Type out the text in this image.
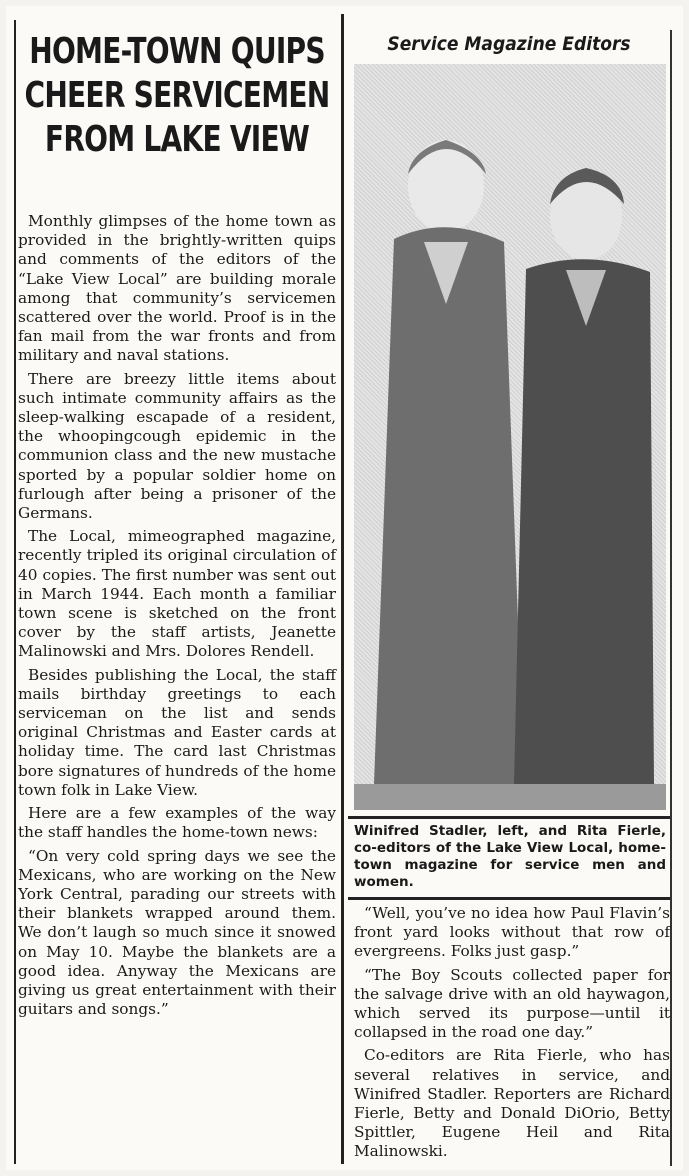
HOME-TOWN QUIPS
CHEER SERVICEMEN
FROM LAKE VIEW

Monthly glimpses of the home town as provided in the brightly-written quips and comments of the editors of the “Lake View Local” are building morale among that community’s servicemen scattered over the world. Proof is in the fan mail from the war fronts and from military and naval stations.

There are breezy little items about such intimate community affairs as the sleep-walking escapade of a resident, the whoopingcough epidemic in the communion class and the new mustache sported by a popular soldier home on furlough after being a prisoner of the Germans.

The Local, mimeographed magazine, recently tripled its original circulation of 40 copies. The first number was sent out in March 1944. Each month a familiar town scene is sketched on the front cover by the staff artists, Jeanette Malinowski and Mrs. Dolores Rendell.

Besides publishing the Local, the staff mails birthday greetings to each serviceman on the list and sends original Christmas and Easter cards at holiday time. The card last Christmas bore signatures of hundreds of the home town folk in Lake View.

Here are a few examples of the way the staff handles the home-town news:

“On very cold spring days we see the Mexicans, who are working on the New York Central, parading our streets with their blankets wrapped around them. We don’t laugh so much since it snowed on May 10. Maybe the blankets are a good idea. Anyway the Mexicans are giving us great entertainment with their guitars and songs.”

Service Magazine Editors
Winifred Stadler, left, and Rita Fierle, co-editors of the Lake View Local, home-town magazine for service men and women.

“Well, you’ve no idea how Paul Flavin’s front yard looks without that row of evergreens. Folks just gasp.”

“The Boy Scouts collected paper for the salvage drive with an old haywagon, which served its purpose—until it collapsed in the road one day.”

Co-editors are Rita Fierle, who has several relatives in service, and Winifred Stadler. Reporters are Richard Fierle, Betty and Donald DiOrio, Betty Spittler, Eugene Heil and Rita Malinowski.
